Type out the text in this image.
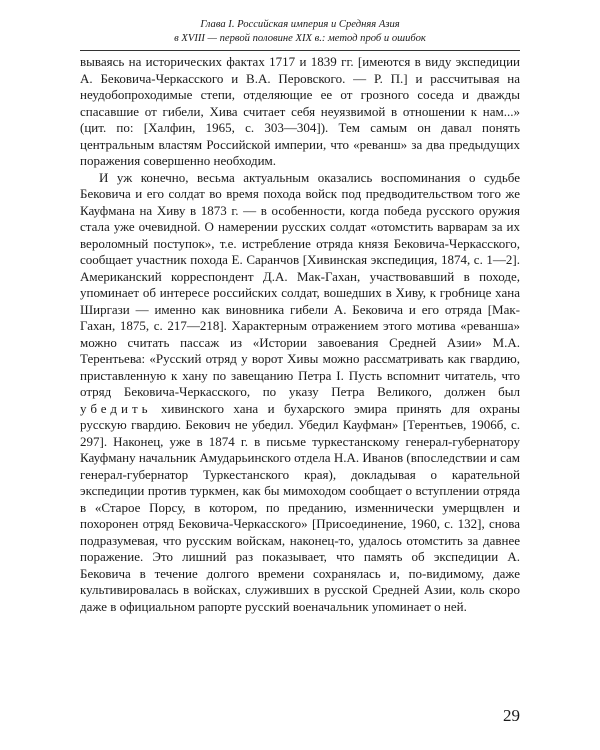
Глава I. Российская империя и Средняя Азия
в XVIII — первой половине XIX в.: метод проб и ошибок

вываясь на исторических фактах 1717 и 1839 гг. [имеются в виду экспедиции А. Бековича-Черкасского и В.А. Перовского. — Р. П.] и рассчитывая на неудобопроходимые степи, отделяющие ее от грозного соседа и дважды спасавшие от гибели, Хива считает себя неуязвимой в отношении к нам...» (цит. по: [Халфин, 1965, с. 303—304]). Тем самым он давал понять центральным властям Российской империи, что «реванш» за два предыдущих поражения совершенно необходим.

И уж конечно, весьма актуальным оказались воспоминания о судьбе Бековича и его солдат во время похода войск под предводительством того же Кауфмана на Хиву в 1873 г. — в особенности, когда победа русского оружия стала уже очевидной. О намерении русских солдат «отомстить варварам за их вероломный поступок», т.е. истребление отряда князя Бековича-Черкасского, сообщает участник похода Е. Саранчов [Хивинская экспедиция, 1874, с. 1—2]. Американский корреспондент Д.А. Мак-Гахан, участвовавший в походе, упоминает об интересе российских солдат, вошедших в Хиву, к гробнице хана Ширгази — именно как виновника гибели А. Бековича и его отряда [Мак-Гахан, 1875, с. 217—218]. Характерным отражением этого мотива «реванша» можно считать пассаж из «Истории завоевания Средней Азии» М.А. Терентьева: «Русский отряд у ворот Хивы можно рассматривать как гвардию, приставленную к хану по завещанию Петра I. Пусть вспомнит читатель, что отряд Бековича-Черкасского, по указу Петра Великого, должен был убедить хивинского хана и бухарского эмира принять для охраны русскую гвардию. Бекович не убедил. Убедил Кауфман» [Терентьев, 1906б, с. 297]. Наконец, уже в 1874 г. в письме туркестанскому генерал-губернатору Кауфману начальник Амударьинского отдела Н.А. Иванов (впоследствии и сам генерал-губернатор Туркестанского края), докладывая о карательной экспедиции против туркмен, как бы мимоходом сообщает о вступлении отряда в «Старое Порсу, в котором, по преданию, изменнически умерщвлен и похоронен отряд Бековича-Черкасского» [Присоединение, 1960, с. 132], снова подразумевая, что русским войскам, наконец-то, удалось отомстить за давнее поражение. Это лишний раз показывает, что память об экспедиции А. Бековича в течение долгого времени сохранялась и, по-видимому, даже культивировалась в войсках, служивших в русской Средней Азии, коль скоро даже в официальном рапорте русский военачальник упоминает о ней.

29
